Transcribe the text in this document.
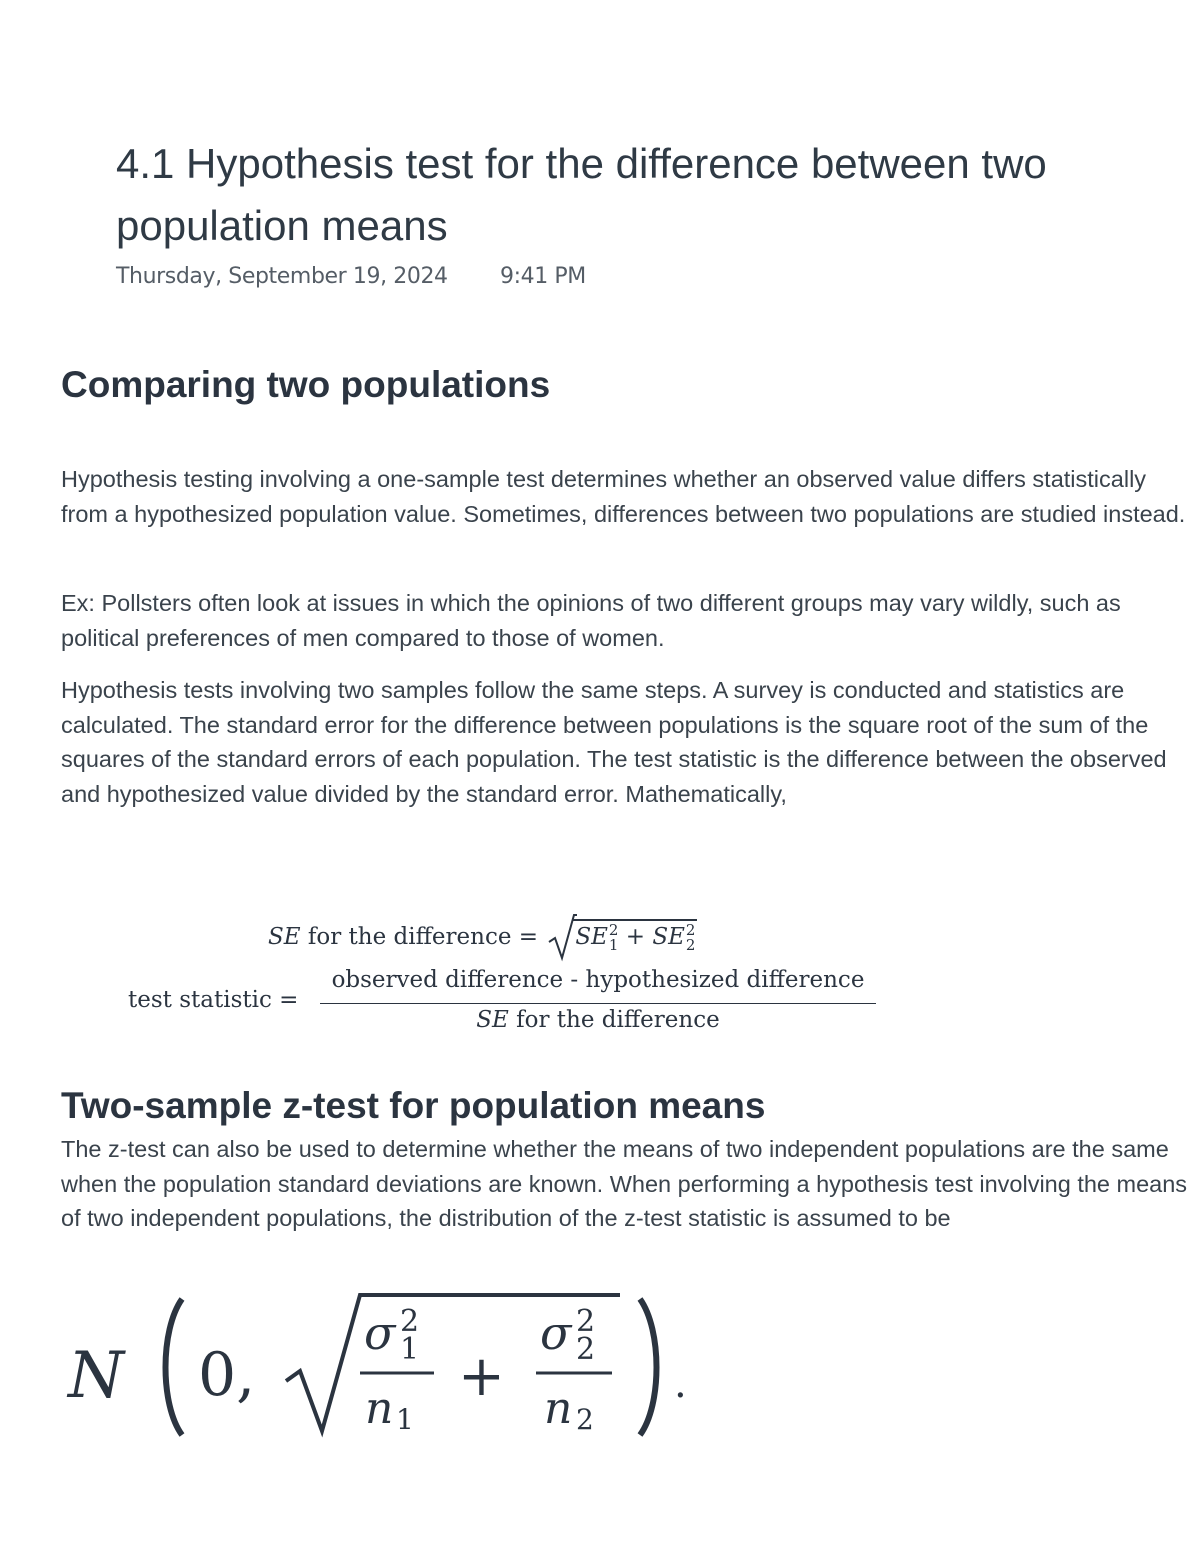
4.1 Hypothesis test for the difference between two population means
Thursday, September 19, 2024 9:41 PM
Comparing two populations

Hypothesis testing involving a one-sample test determines whether an observed value differs statistically from a hypothesized population value. Sometimes, differences between two populations are studied instead.

Ex: Pollsters often look at issues in which the opinions of two different groups may vary wildly, such as political preferences of men compared to those of women.

Hypothesis tests involving two samples follow the same steps. A survey is conducted and statistics are calculated. The standard error for the difference between populations is the square root of the sum of the squares of the standard errors of each population. The test statistic is the difference between the observed and hypothesized value divided by the standard error. Mathematically,

SE for the difference = SE 2
1 + SE 2
2
test statistic =
observed difference - hypothesized difference
SE for the difference
Two-sample z-test for population means

The z-test can also be used to determine whether the means of two independent populations are the same when the population standard deviations are known. When performing a hypothesis test involving the means of two independent populations, the distribution of the z-test statistic is assumed to be

N 0,
σ 2
1
n 1
+
σ 2
2
n 2
.
